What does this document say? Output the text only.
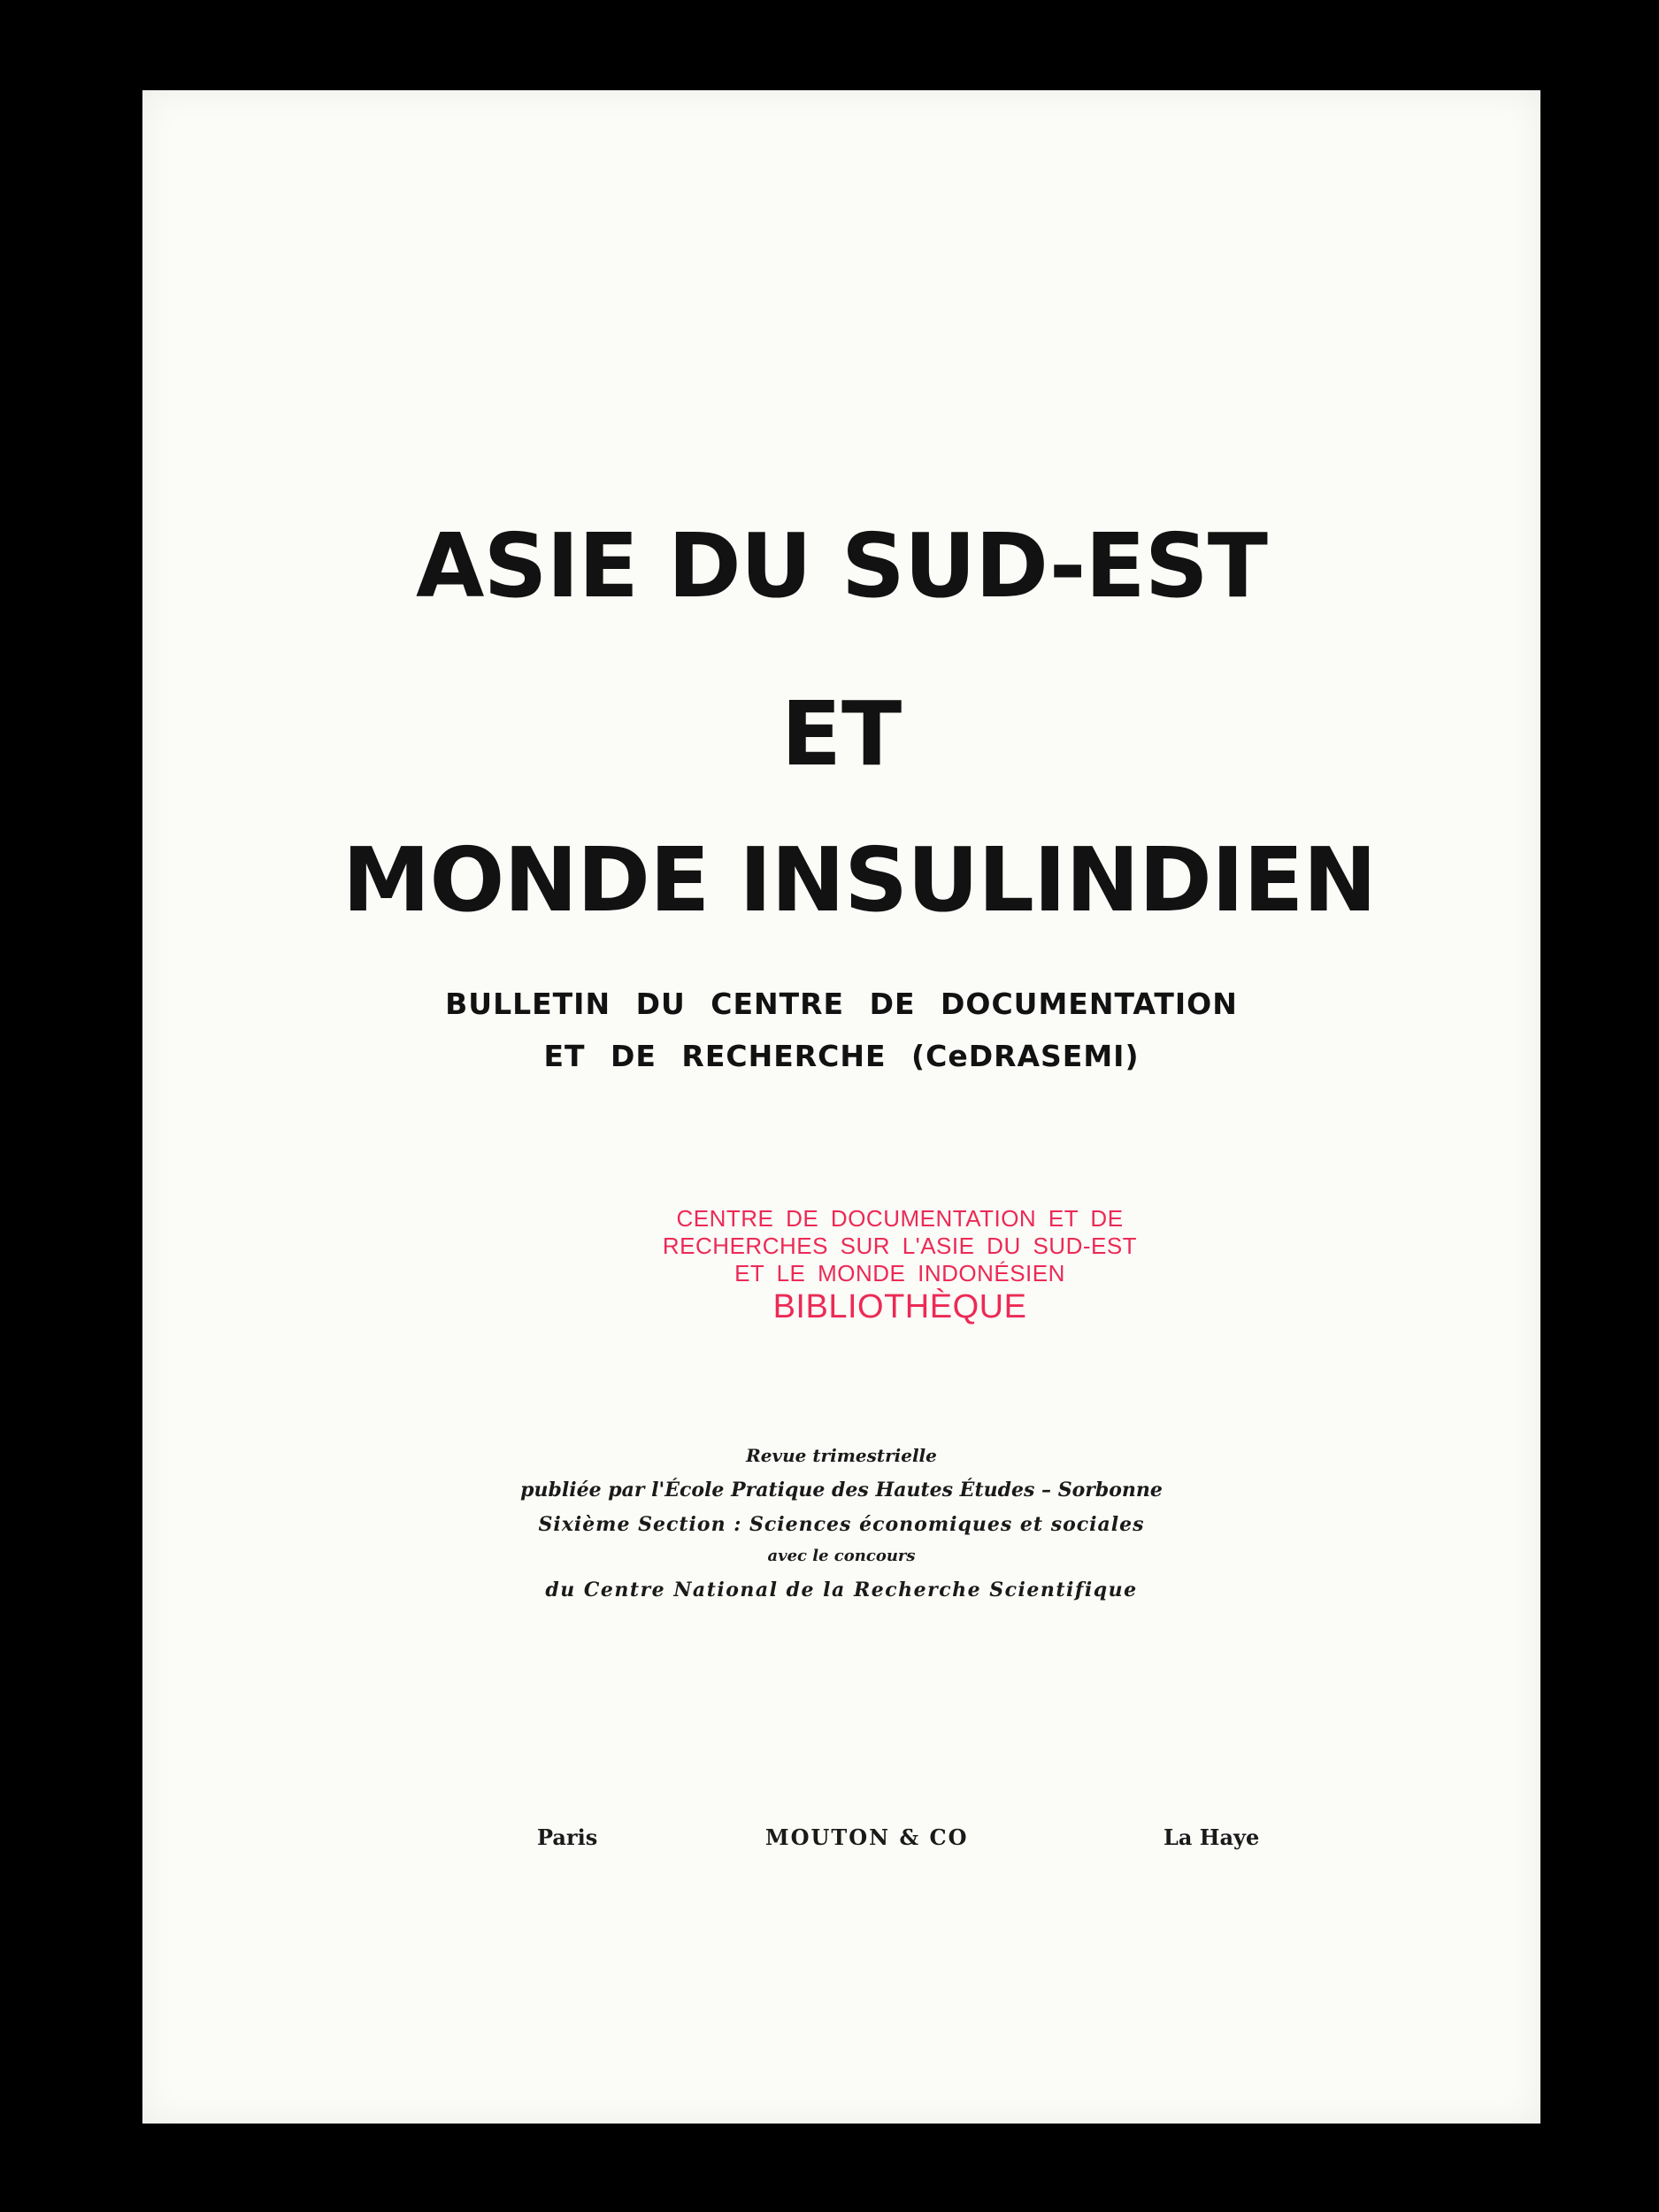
ASIE DU SUD-EST
ET
MONDE INSULINDIEN
BULLETIN DU CENTRE DE DOCUMENTATION
ET DE RECHERCHE (CeDRASEMI)
CENTRE DE DOCUMENTATION ET DE
RECHERCHES SUR L'ASIE DU SUD-EST
ET LE MONDE INDONÉSIEN
BIBLIOTHÈQUE
Revue trimestrielle
publiée par l'École Pratique des Hautes Études – Sorbonne
Sixième Section : Sciences économiques et sociales
avec le concours
du Centre National de la Recherche Scientifique
Paris	MOUTON & CO	La Haye
